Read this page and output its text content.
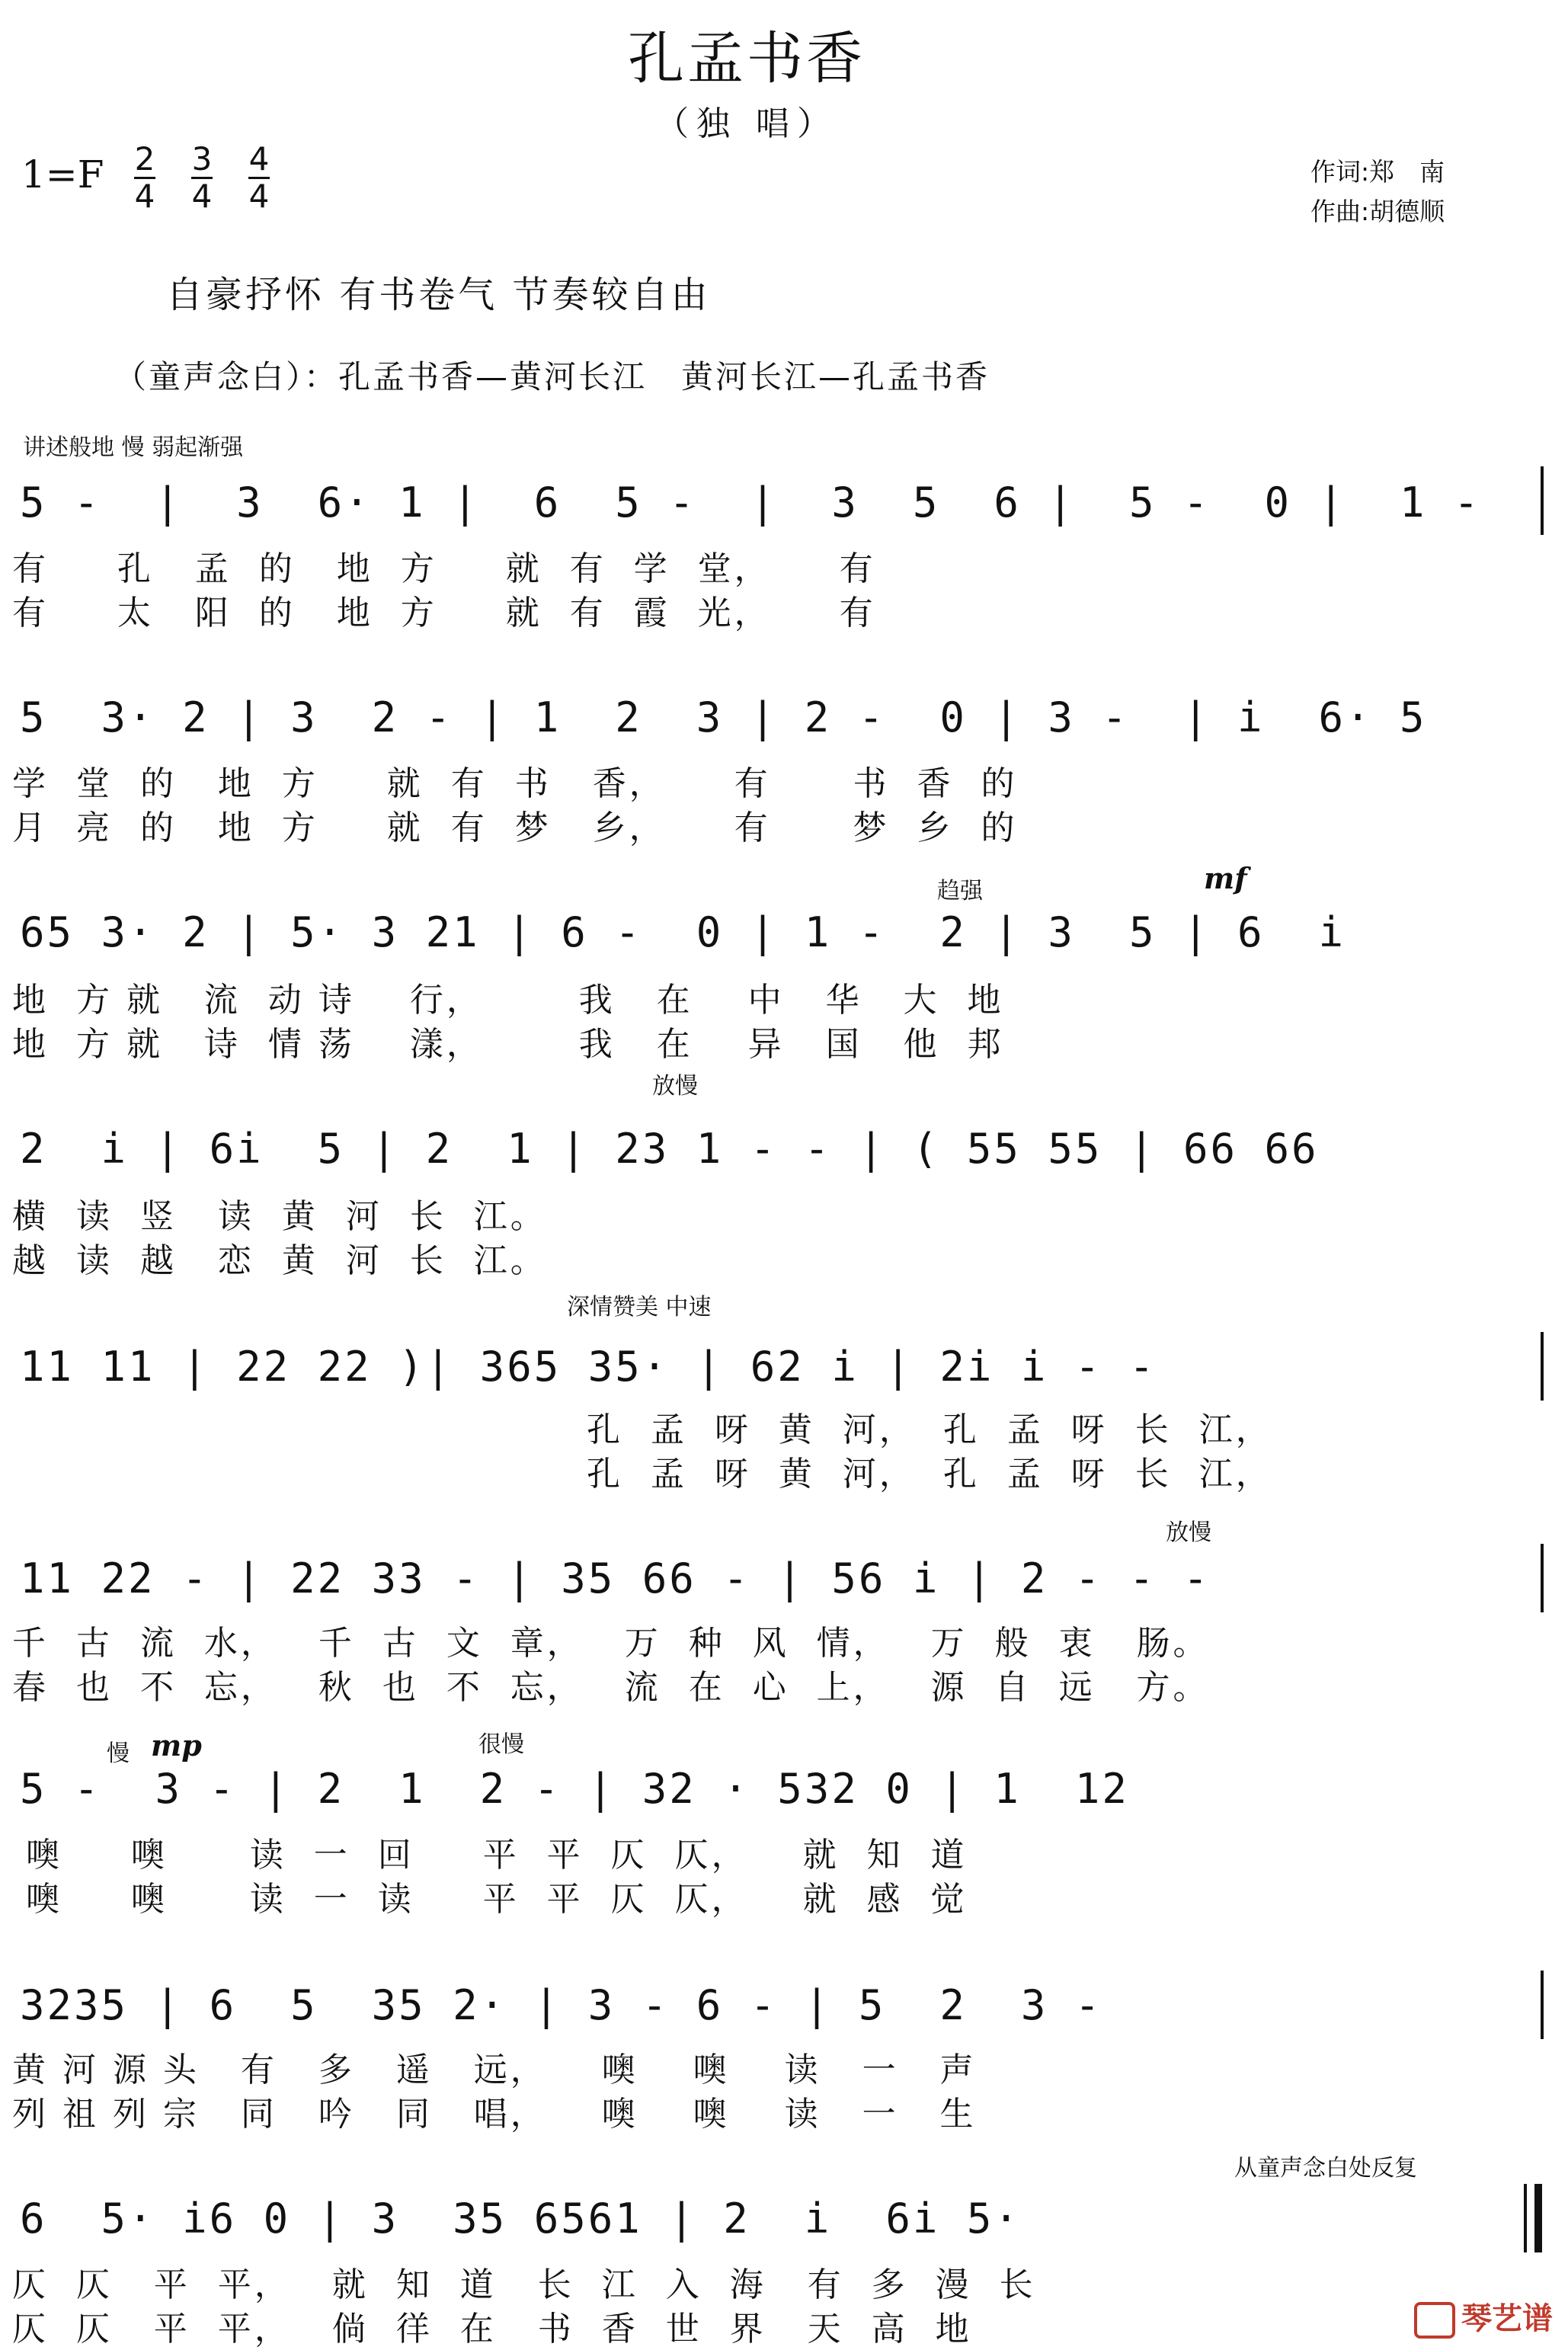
孔孟书香
（独 唱）
1=F 2
4
3
4
4
4
作词:郑　南
作曲:胡德顺
自豪抒怀 有书卷气 节奏较自由
（童声念白）：孔孟书香—黄河长江　黄河长江—孔孟书香
讲述般地 慢 弱起渐强
5 -  |  3  6· 1 |  6  5 -  |  3  5  6 |  5 -  0 |  1 -
有     孔   孟  的   地  方     就  有  学  堂，     有
有     太   阳  的   地  方     就  有  霞  光，     有
5  3· 2 | 3  2 - | 1  2  3 | 2 -  0 | 3 -  | i  6· 5
学  堂  的   地  方     就  有  书   香，     有      书  香  的
月  亮  的   地  方     就  有  梦   乡，     有      梦  乡  的
趋强	mf
65 3· 2 | 5· 3 21 | 6 -  0 | 1 -  2 | 3  5 | 6  i
地  方 就   流  动 诗    行，       我   在    中   华   大  地
地  方 就   诗  情 荡    漾，       我   在    异   国   他  邦
放慢
2  i | 6i  5 | 2  1 | 23 1 - - | ( 55 55 | 66 66
横  读  竖   读  黄  河  长  江。
越  读  越   恋  黄  河  长  江。
深情赞美 中速
11 11 | 22 22 )| 365 35· | 62 i | 2i i - -
孔  孟  呀  黄  河，  孔  孟  呀  长  江，
孔  孟  呀  黄  河，  孔  孟  呀  长  江，
放慢
11 22 - | 22 33 - | 35 66 - | 56 i | 2 - - -
千  古  流  水，   千  古  文  章，   万  种  风  情，   万  般  衷   肠。
春  也  不  忘，   秋  也  不  忘，   流  在  心  上，   源  自  远   方。
慢 mp	很慢
5 -  3 - | 2  1  2 - | 32 · 532 0 | 1  12
噢     噢      读  一  回     平  平  仄  仄，    就  知  道
噢     噢      读  一  读     平  平  仄  仄，    就  感  觉
3235 | 6  5  35 2· | 3 - 6 - | 5  2  3 -
黄 河 源 头   有   多   遥   远，    噢    噢    读   一   声
列 祖 列 宗   同   吟   同   唱，    噢    噢    读   一   生
从童声念白处反复
6  5· i6 0 | 3  35 6561 | 2  i  6i 5·
仄  仄   平  平，   就  知  道   长  江  入  海   有  多  漫  长
仄  仄   平  平，   倘  徉  在   书  香  世  界   天  高  地	琴艺谱
